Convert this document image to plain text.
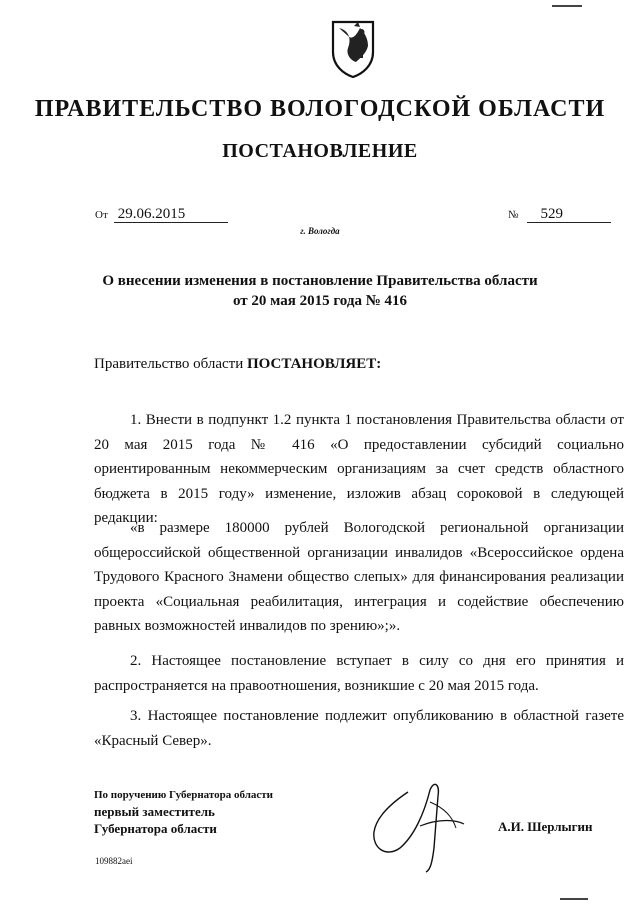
ПРАВИТЕЛЬСТВО ВОЛОГОДСКОЙ ОБЛАСТИ
ПОСТАНОВЛЕНИЕ
От 29.06.2015	№ 529
г. Вологда
О внесении изменения в постановление Правительства области
от 20 мая 2015 года № 416
Правительство области ПОСТАНОВЛЯЕТ:
1. Внести в подпункт 1.2 пункта 1 постановления Правительства области от 20 мая 2015 года № 416 «О предоставлении субсидий социально ориентированным некоммерческим организациям за счет средств областного бюджета в 2015 году» изменение, изложив абзац сороковой в следующей редакции:
«в размере 180000 рублей Вологодской региональной организации общероссийской общественной организации инвалидов «Всероссийское ордена Трудового Красного Знамени общество слепых» для финансирования реализации проекта «Социальная реабилитация, интеграция и содействие обеспечению равных возможностей инвалидов по зрению»;».
2. Настоящее постановление вступает в силу со дня его принятия и распространяется на правоотношения, возникшие с 20 мая 2015 года.
3. Настоящее постановление подлежит опубликованию в областной газете «Красный Север».
По поручению Губернатора области
первый заместитель
Губернатора области	А.И. Шерлыгин
109882aei
